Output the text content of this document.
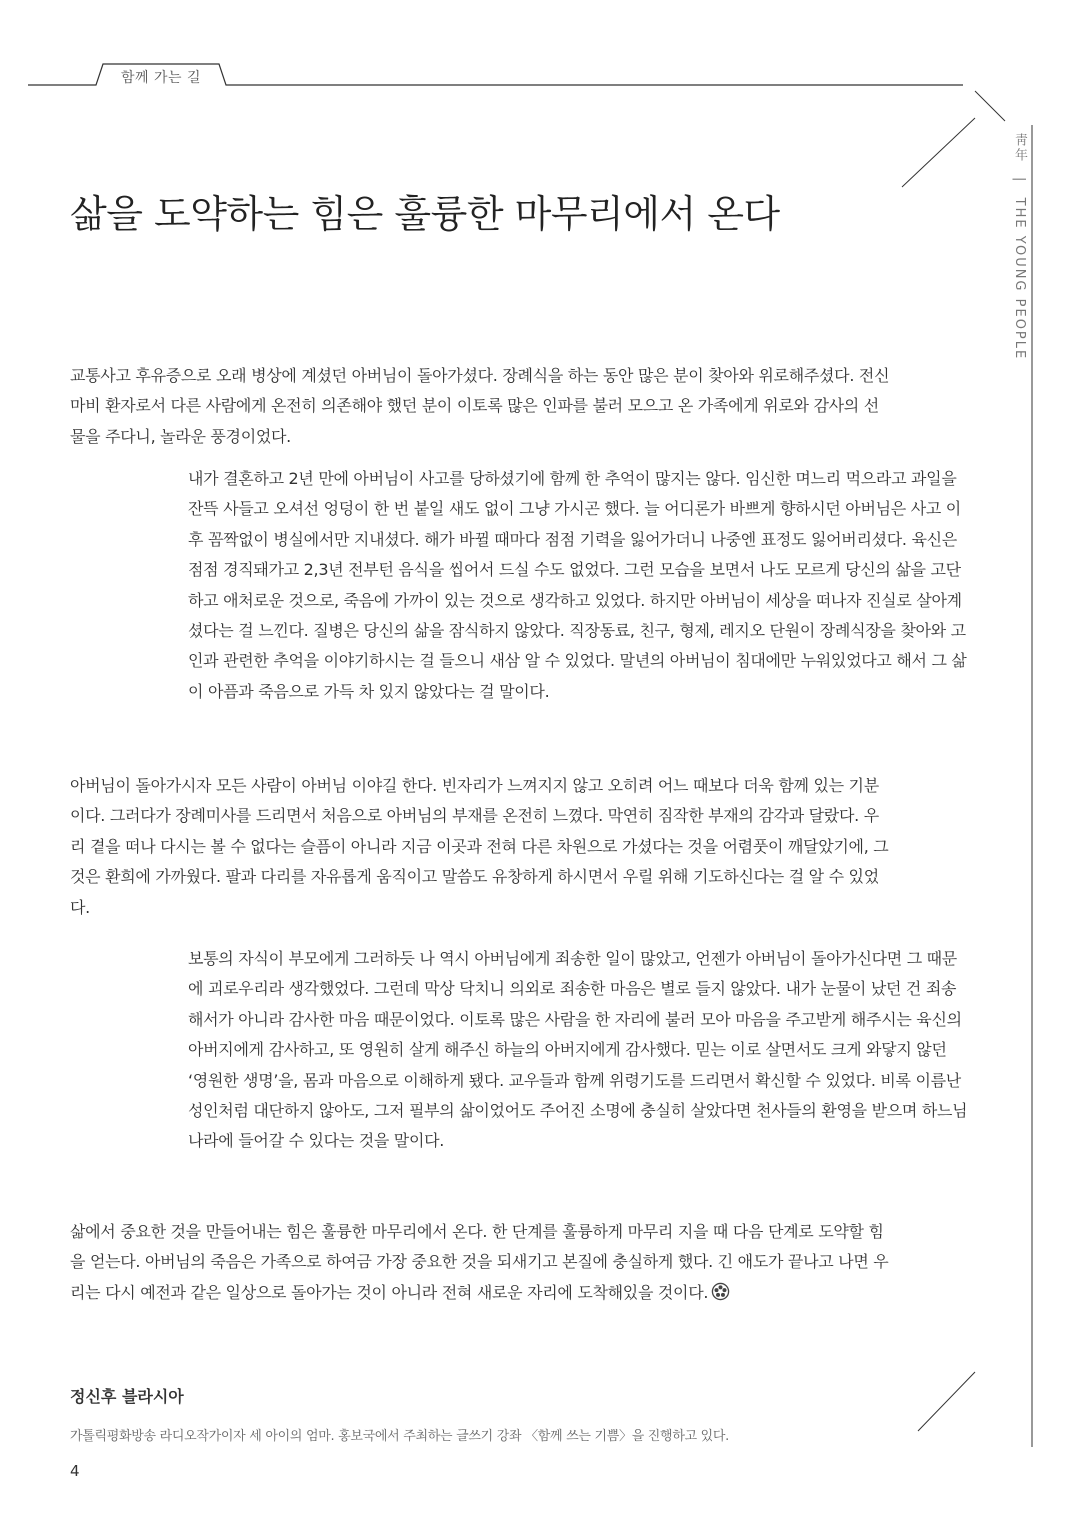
함께 가는 길
靑年 | THE YOUNG PEOPLE
삶을 도약하는 힘은 훌륭한 마무리에서 온다

교통사고 후유증으로 오래 병상에 계셨던 아버님이 돌아가셨다. 장례식을 하는 동안 많은 분이 찾아와 위로해주셨다. 전신마비 환자로서 다른 사람에게 온전히 의존해야 했던 분이 이토록 많은 인파를 불러 모으고 온 가족에게 위로와 감사의 선물을 주다니, 놀라운 풍경이었다.

내가 결혼하고 2년 만에 아버님이 사고를 당하셨기에 함께 한 추억이 많지는 않다. 임신한 며느리 먹으라고 과일을 잔뜩 사들고 오셔선 엉덩이 한 번 붙일 새도 없이 그냥 가시곤 했다. 늘 어디론가 바쁘게 향하시던 아버님은 사고 이후 꼼짝없이 병실에서만 지내셨다. 해가 바뀔 때마다 점점 기력을 잃어가더니 나중엔 표정도 잃어버리셨다. 육신은 점점 경직돼가고 2,3년 전부턴 음식을 씹어서 드실 수도 없었다. 그런 모습을 보면서 나도 모르게 당신의 삶을 고단하고 애처로운 것으로, 죽음에 가까이 있는 것으로 생각하고 있었다. 하지만 아버님이 세상을 떠나자 진실로 살아계셨다는 걸 느낀다. 질병은 당신의 삶을 잠식하지 않았다. 직장동료, 친구, 형제, 레지오 단원이 장례식장을 찾아와 고인과 관련한 추억을 이야기하시는 걸 들으니 새삼 알 수 있었다. 말년의 아버님이 침대에만 누워있었다고 해서 그 삶이 아픔과 죽음으로 가득 차 있지 않았다는 걸 말이다.

아버님이 돌아가시자 모든 사람이 아버님 이야길 한다. 빈자리가 느껴지지 않고 오히려 어느 때보다 더욱 함께 있는 기분이다. 그러다가 장례미사를 드리면서 처음으로 아버님의 부재를 온전히 느꼈다. 막연히 짐작한 부재의 감각과 달랐다. 우리 곁을 떠나 다시는 볼 수 없다는 슬픔이 아니라 지금 이곳과 전혀 다른 차원으로 가셨다는 것을 어렴풋이 깨달았기에, 그것은 환희에 가까웠다. 팔과 다리를 자유롭게 움직이고 말씀도 유창하게 하시면서 우릴 위해 기도하신다는 걸 알 수 있었다.

보통의 자식이 부모에게 그러하듯 나 역시 아버님에게 죄송한 일이 많았고, 언젠가 아버님이 돌아가신다면 그 때문에 괴로우리라 생각했었다. 그런데 막상 닥치니 의외로 죄송한 마음은 별로 들지 않았다. 내가 눈물이 났던 건 죄송해서가 아니라 감사한 마음 때문이었다. 이토록 많은 사람을 한 자리에 불러 모아 마음을 주고받게 해주시는 육신의 아버지에게 감사하고, 또 영원히 살게 해주신 하늘의 아버지에게 감사했다. 믿는 이로 살면서도 크게 와닿지 않던 ‘영원한 생명’을, 몸과 마음으로 이해하게 됐다. 교우들과 함께 위령기도를 드리면서 확신할 수 있었다. 비록 이름난 성인처럼 대단하지 않아도, 그저 필부의 삶이었어도 주어진 소명에 충실히 살았다면 천사들의 환영을 받으며 하느님 나라에 들어갈 수 있다는 것을 말이다.

삶에서 중요한 것을 만들어내는 힘은 훌륭한 마무리에서 온다. 한 단계를 훌륭하게 마무리 지을 때 다음 단계로 도약할 힘을 얻는다. 아버님의 죽음은 가족으로 하여금 가장 중요한 것을 되새기고 본질에 충실하게 했다. 긴 애도가 끝나고 나면 우리는 다시 예전과 같은 일상으로 돌아가는 것이 아니라 전혀 새로운 자리에 도착해있을 것이다.

정신후 블라시아

가톨릭평화방송 라디오작가이자 세 아이의 엄마. 홍보국에서 주최하는 글쓰기 강좌 〈함께 쓰는 기쁨〉을 진행하고 있다.

4
